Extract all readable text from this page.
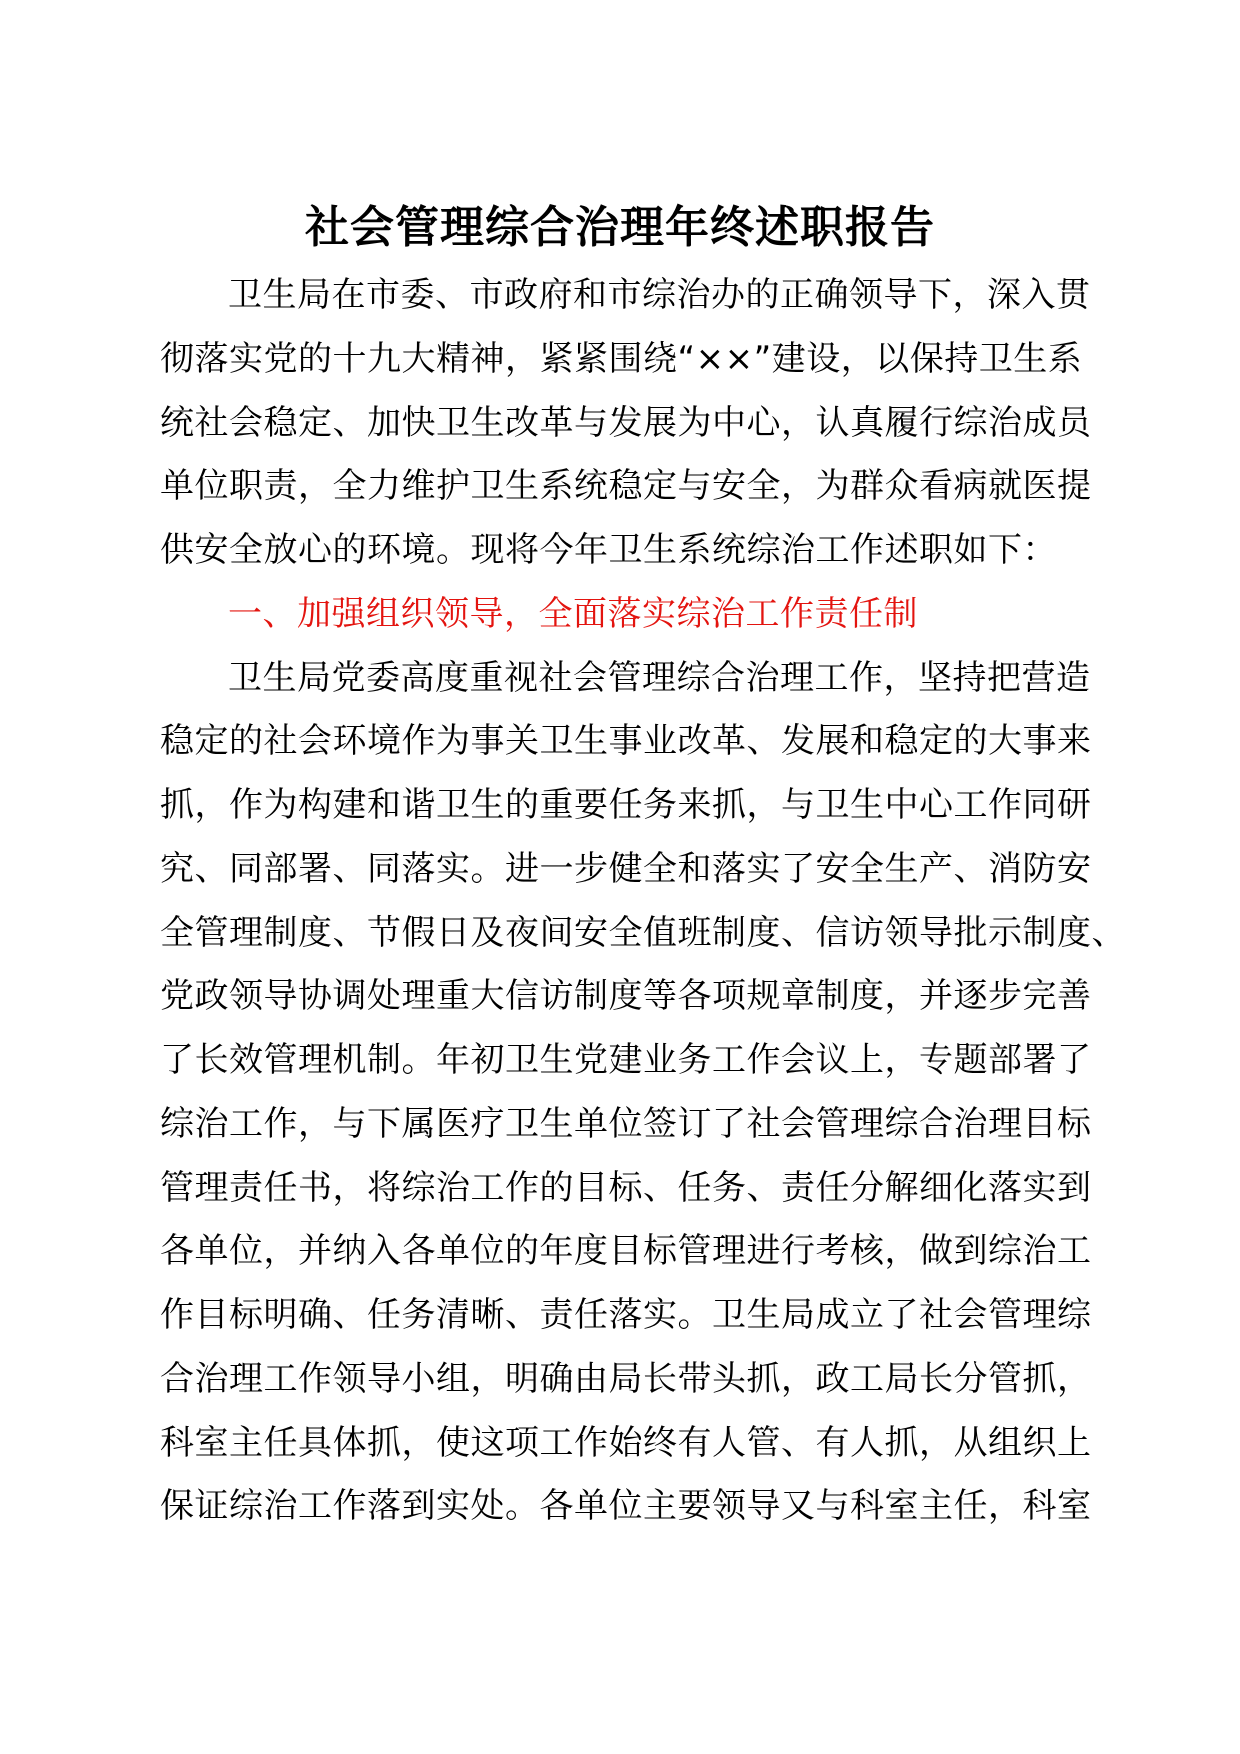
社会管理综合治理年终述职报告
卫生局在市委、市政府和市综治办的正确领导下，深入贯
彻落实党的十九大精神，紧紧围绕“××”建设，以保持卫生系
统社会稳定、加快卫生改革与发展为中心，认真履行综治成员
单位职责，全力维护卫生系统稳定与安全，为群众看病就医提
供安全放心的环境。现将今年卫生系统综治工作述职如下：
一、加强组织领导，全面落实综治工作责任制
卫生局党委高度重视社会管理综合治理工作，坚持把营造
稳定的社会环境作为事关卫生事业改革、发展和稳定的大事来
抓，作为构建和谐卫生的重要任务来抓，与卫生中心工作同研
究、同部署、同落实。进一步健全和落实了安全生产、消防安
全管理制度、节假日及夜间安全值班制度、信访领导批示制度、
党政领导协调处理重大信访制度等各项规章制度，并逐步完善
了长效管理机制。年初卫生党建业务工作会议上，专题部署了
综治工作，与下属医疗卫生单位签订了社会管理综合治理目标
管理责任书，将综治工作的目标、任务、责任分解细化落实到
各单位，并纳入各单位的年度目标管理进行考核，做到综治工
作目标明确、任务清晰、责任落实。卫生局成立了社会管理综
合治理工作领导小组，明确由局长带头抓，政工局长分管抓，
科室主任具体抓，使这项工作始终有人管、有人抓，从组织上
保证综治工作落到实处。各单位主要领导又与科室主任，科室
